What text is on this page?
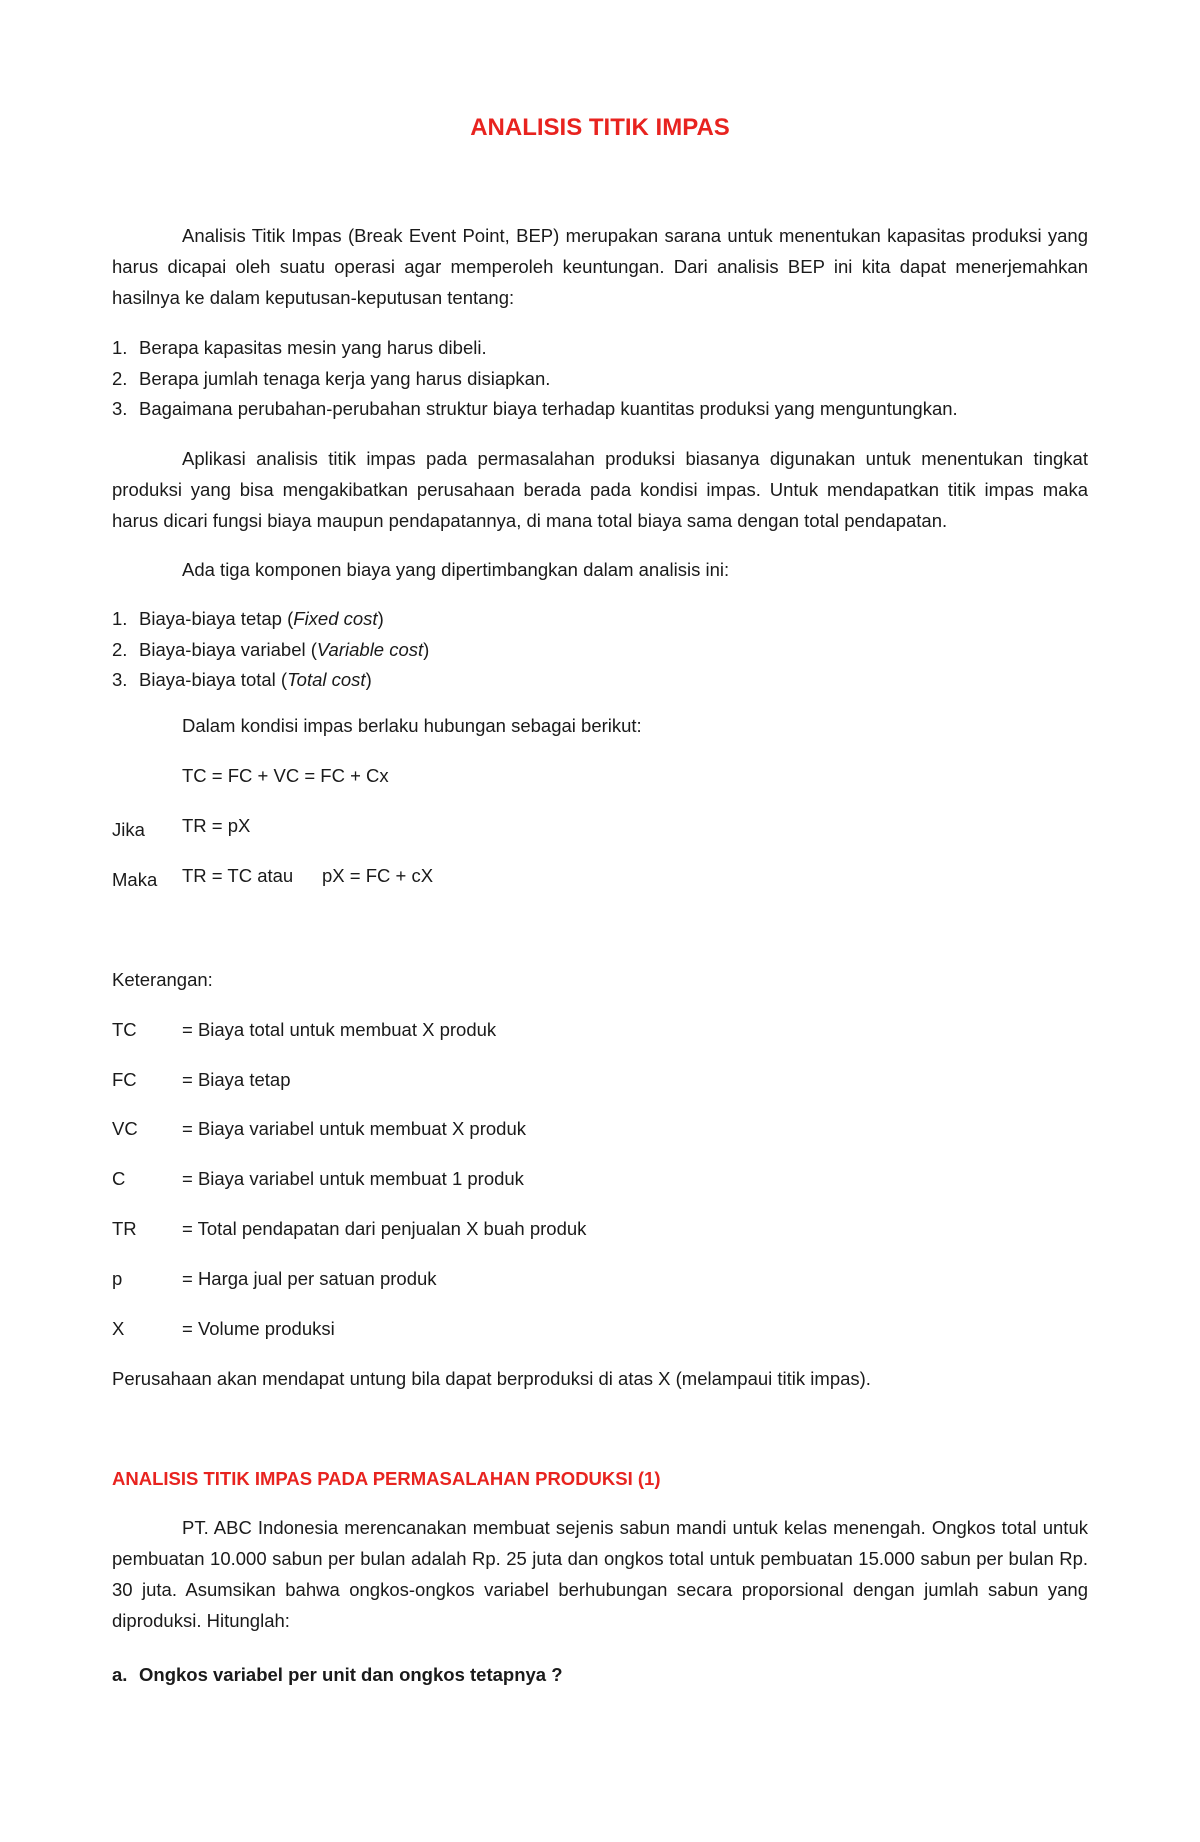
ANALISIS TITIK IMPAS

Analisis Titik Impas (Break Event Point, BEP) merupakan sarana untuk menentukan kapasitas produksi yang harus dicapai oleh suatu operasi agar memperoleh keuntungan. Dari analisis BEP ini kita dapat menerjemahkan hasilnya ke dalam keputusan-keputusan tentang:

1. Berapa kapasitas mesin yang harus dibeli.
2. Berapa jumlah tenaga kerja yang harus disiapkan.
3. Bagaimana perubahan-perubahan struktur biaya terhadap kuantitas produksi yang menguntungkan.

Aplikasi analisis titik impas pada permasalahan produksi biasanya digunakan untuk menentukan tingkat produksi yang bisa mengakibatkan perusahaan berada pada kondisi impas. Untuk mendapatkan titik impas maka harus dicari fungsi biaya maupun pendapatannya, di mana total biaya sama dengan total pendapatan.

Ada tiga komponen biaya yang dipertimbangkan dalam analisis ini:
1. Biaya-biaya tetap (Fixed cost)
2. Biaya-biaya variabel (Variable cost)
3. Biaya-biaya total (Total cost)
Dalam kondisi impas berlaku hubungan sebagai berikut:
TC = FC + VC = FC + Cx
Jika	TR = pX
Maka	TR = TC atau pX = FC + cX
Keterangan:
TC = Biaya total untuk membuat X produk
FC = Biaya tetap
VC = Biaya variabel untuk membuat X produk
C	= Biaya variabel untuk membuat 1 produk
TR = Total pendapatan dari penjualan X buah produk
p	= Harga jual per satuan produk
X	= Volume produksi
Perusahaan akan mendapat untung bila dapat berproduksi di atas X (melampaui titik impas).
ANALISIS TITIK IMPAS PADA PERMASALAHAN PRODUKSI (1)

PT. ABC Indonesia merencanakan membuat sejenis sabun mandi untuk kelas menengah. Ongkos total untuk pembuatan 10.000 sabun per bulan adalah Rp. 25 juta dan ongkos total untuk pembuatan 15.000 sabun per bulan Rp. 30 juta. Asumsikan bahwa ongkos-ongkos variabel berhubungan secara proporsional dengan jumlah sabun yang diproduksi. Hitunglah:

a. Ongkos variabel per unit dan ongkos tetapnya ?
